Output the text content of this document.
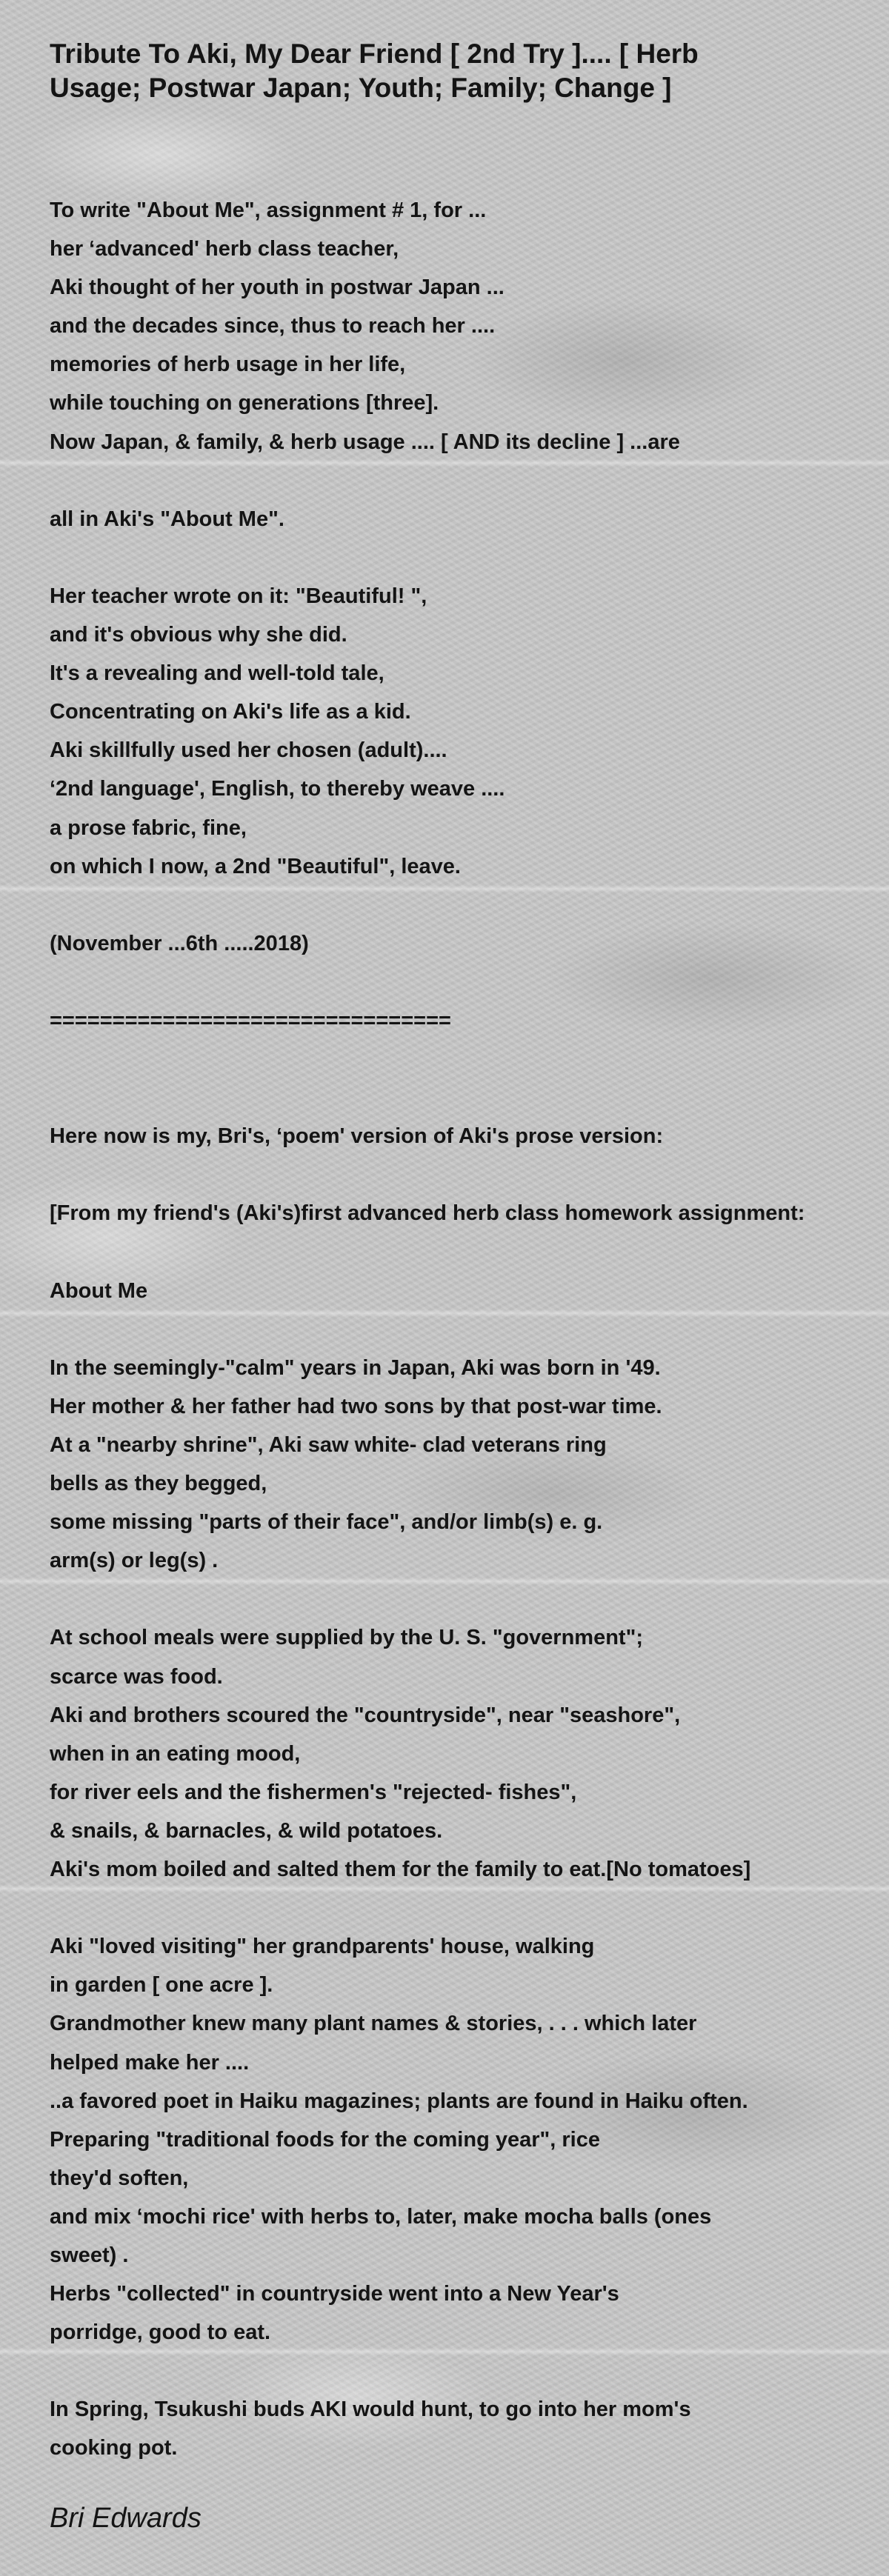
Tribute To Aki, My Dear Friend [ 2nd Try ].... [ Herb Usage; Postwar Japan; Youth; Family; Change ]
To write "About Me", assignment # 1, for ...
her ‘advanced' herb class teacher,
Aki thought of her youth in postwar Japan ...
and the decades since, thus to reach her ....
memories of herb usage in her life,
while touching on generations [three].
Now Japan, & family, & herb usage .... [ AND its decline ] ...are
all in Aki's "About Me".
Her teacher wrote on it: "Beautiful! ",
and it's obvious why she did.
It's a revealing and well-told tale,
Concentrating on Aki's life as a kid.
Aki skillfully used her chosen (adult)....
‘2nd language', English, to thereby weave ....
a prose fabric, fine,
on which I now, a 2nd "Beautiful", leave.
(November ...6th .....2018)
================================
Here now is my, Bri's, ‘poem' version of Aki's prose version:
[From my friend's (Aki's)first advanced herb class homework assignment:
About Me
In the seemingly-"calm" years in Japan, Aki was born in '49.
Her mother & her father had two sons by that post-war time.
At a "nearby shrine", Aki saw white- clad veterans ring
bells as they begged,
some missing "parts of their face", and/or limb(s) e. g.
arm(s) or leg(s) .
At school meals were supplied by the U. S. "government";
scarce was food.
Aki and brothers scoured the "countryside", near "seashore",
when in an eating mood,
for river eels and the fishermen's "rejected- fishes",
& snails, & barnacles, & wild potatoes.
Aki's mom boiled and salted them for the family to eat.[No tomatoes]
Aki "loved visiting" her grandparents' house, walking
in garden [ one acre ].
Grandmother knew many plant names & stories, . . . which later
helped make her ....
..a favored poet in Haiku magazines; plants are found in Haiku often.
Preparing "traditional foods for the coming year", rice
they'd soften,
and mix ‘mochi rice' with herbs to, later, make mocha balls (ones
sweet) .
Herbs "collected" in countryside went into a New Year's
porridge, good to eat.
In Spring, Tsukushi buds AKI would hunt, to go into her mom's
cooking pot.
Bri Edwards
